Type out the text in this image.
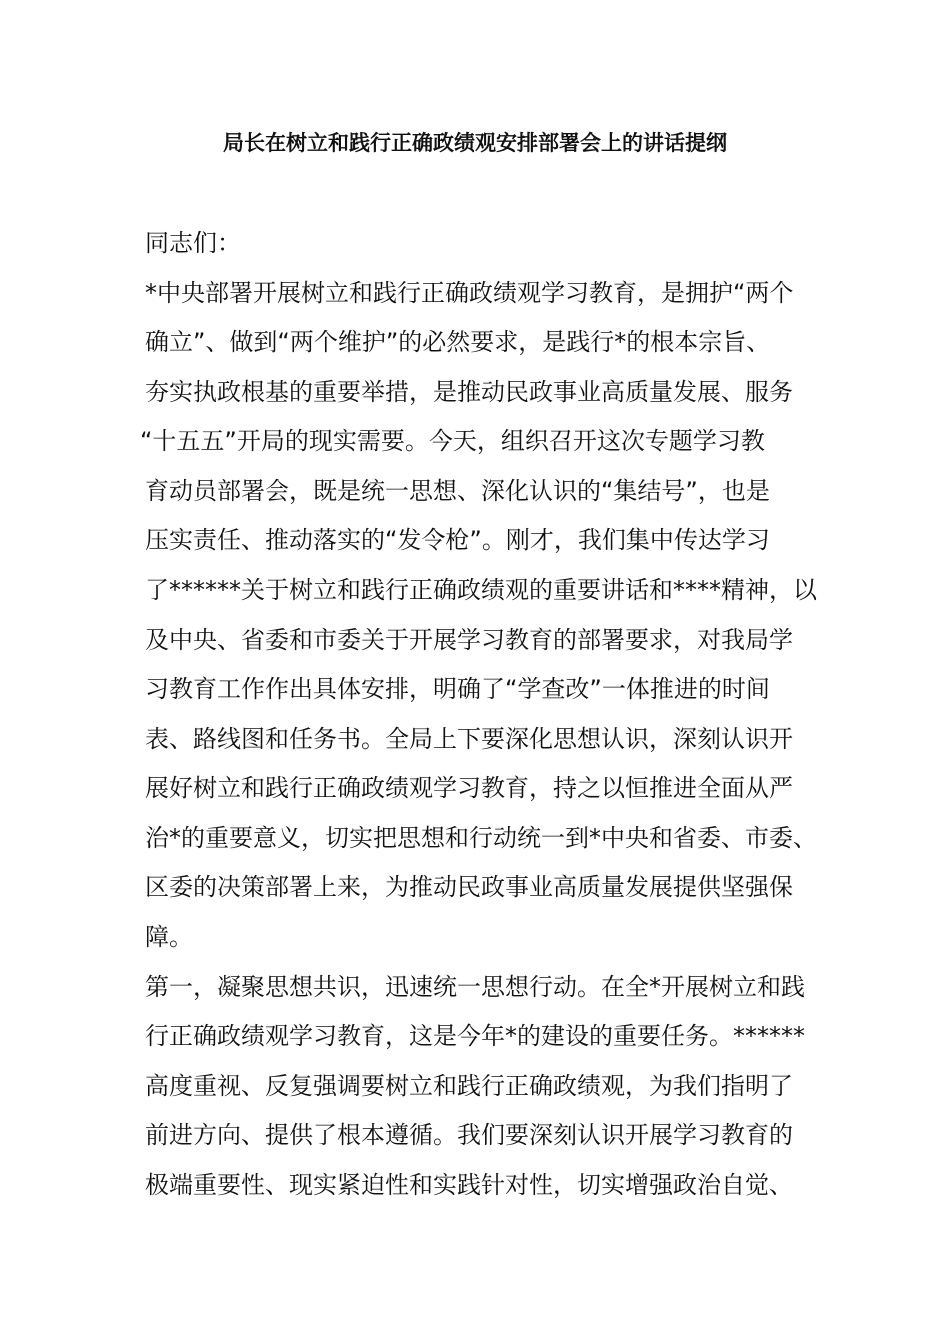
局长在树立和践行正确政绩观安排部署会上的讲话提纲
同志们：
*中央部署开展树立和践行正确政绩观学习教育，是拥护“两个
确立”、做到“两个维护”的必然要求，是践行*的根本宗旨、
夯实执政根基的重要举措，是推动民政事业高质量发展、服务
“十五五”开局的现实需要。今天，组织召开这次专题学习教
育动员部署会，既是统一思想、深化认识的“集结号”，也是
压实责任、推动落实的“发令枪”。刚才，我们集中传达学习
了******关于树立和践行正确政绩观的重要讲话和****精神，以
及中央、省委和市委关于开展学习教育的部署要求，对我局学
习教育工作作出具体安排，明确了“学查改”一体推进的时间
表、路线图和任务书。全局上下要深化思想认识，深刻认识开
展好树立和践行正确政绩观学习教育，持之以恒推进全面从严
治*的重要意义，切实把思想和行动统一到*中央和省委、市委、
区委的决策部署上来，为推动民政事业高质量发展提供坚强保
障。
第一，凝聚思想共识，迅速统一思想行动。在全*开展树立和践
行正确政绩观学习教育，这是今年*的建设的重要任务。******
高度重视、反复强调要树立和践行正确政绩观，为我们指明了
前进方向、提供了根本遵循。我们要深刻认识开展学习教育的
极端重要性、现实紧迫性和实践针对性，切实增强政治自觉、
